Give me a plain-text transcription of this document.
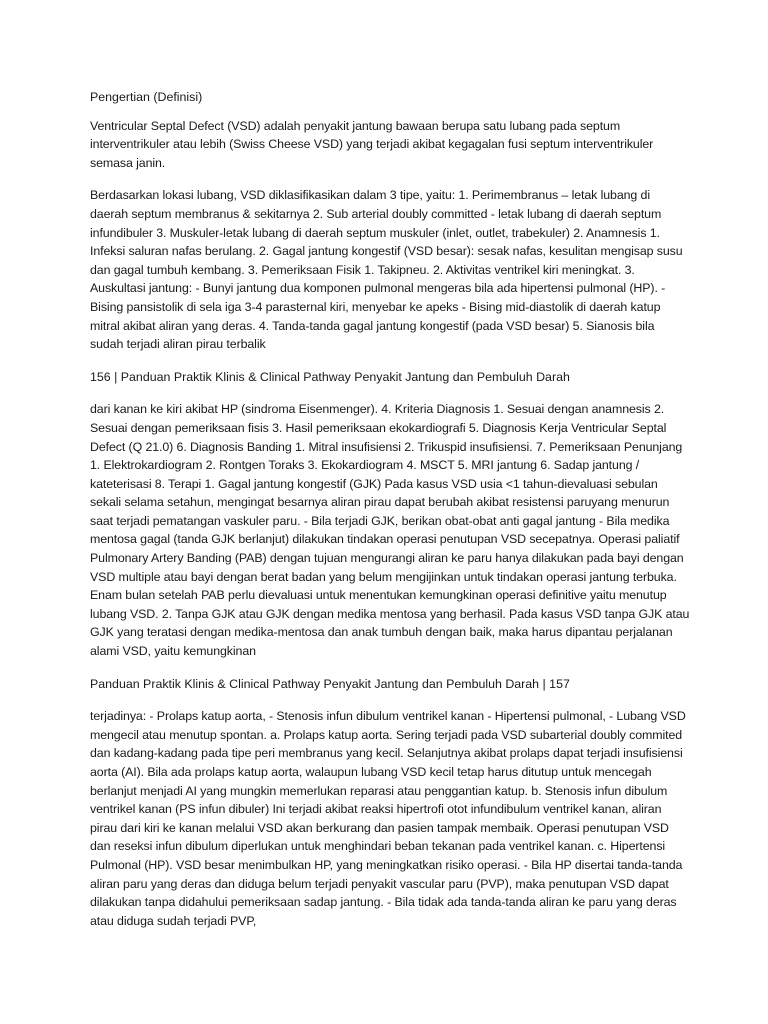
Pengertian (Definisi)

Ventricular Septal Defect (VSD) adalah penyakit jantung bawaan berupa satu lubang pada septum interventrikuler atau lebih (Swiss Cheese VSD) yang terjadi akibat kegagalan fusi septum interventrikuler semasa janin.

Berdasarkan lokasi lubang, VSD diklasifikasikan dalam 3 tipe, yaitu: 1. Perimembranus – letak lubang di daerah septum membranus & sekitarnya 2. Sub arterial doubly committed - letak lubang di daerah septum infundibuler 3. Muskuler-letak lubang di daerah septum muskuler (inlet, outlet, trabekuler) 2. Anamnesis 1. Infeksi saluran nafas berulang. 2. Gagal jantung kongestif (VSD besar): sesak nafas, kesulitan mengisap susu dan gagal tumbuh kembang. 3. Pemeriksaan Fisik 1. Takipneu. 2. Aktivitas ventrikel kiri meningkat. 3. Auskultasi jantung: - Bunyi jantung dua komponen pulmonal mengeras bila ada hipertensi pulmonal (HP). - Bising pansistolik di sela iga 3-4 parasternal kiri, menyebar ke apeks - Bising mid-diastolik di daerah katup mitral akibat aliran yang deras. 4. Tanda-tanda gagal jantung kongestif (pada VSD besar) 5. Sianosis bila sudah terjadi aliran pirau terbalik

156 | Panduan Praktik Klinis & Clinical Pathway Penyakit Jantung dan Pembuluh Darah

dari kanan ke kiri akibat HP (sindroma Eisenmenger). 4. Kriteria Diagnosis 1. Sesuai dengan anamnesis 2. Sesuai dengan pemeriksaan fisis 3. Hasil pemeriksaan ekokardiografi 5. Diagnosis Kerja Ventricular Septal Defect (Q 21.0) 6. Diagnosis Banding 1. Mitral insufisiensi 2. Trikuspid insufisiensi. 7. Pemeriksaan Penunjang 1. Elektrokardiogram 2. Rontgen Toraks 3. Ekokardiogram 4. MSCT 5. MRI jantung 6. Sadap jantung / kateterisasi 8. Terapi 1. Gagal jantung kongestif (GJK) Pada kasus VSD usia <1 tahun-dievaluasi sebulan sekali selama setahun, mengingat besarnya aliran pirau dapat berubah akibat resistensi paruyang menurun saat terjadi pematangan vaskuler paru. - Bila terjadi GJK, berikan obat-obat anti gagal jantung - Bila medika mentosa gagal (tanda GJK berlanjut) dilakukan tindakan operasi penutupan VSD secepatnya. Operasi paliatif Pulmonary Artery Banding (PAB) dengan tujuan mengurangi aliran ke paru hanya dilakukan pada bayi dengan VSD multiple atau bayi dengan berat badan yang belum mengijinkan untuk tindakan operasi jantung terbuka. Enam bulan setelah PAB perlu dievaluasi untuk menentukan kemungkinan operasi definitive yaitu menutup lubang VSD. 2. Tanpa GJK atau GJK dengan medika mentosa yang berhasil. Pada kasus VSD tanpa GJK atau GJK yang teratasi dengan medika-mentosa dan anak tumbuh dengan baik, maka harus dipantau perjalanan alami VSD, yaitu kemungkinan

Panduan Praktik Klinis & Clinical Pathway Penyakit Jantung dan Pembuluh Darah | 157

terjadinya: - Prolaps katup aorta, - Stenosis infun dibulum ventrikel kanan - Hipertensi pulmonal, - Lubang VSD mengecil atau menutup spontan. a. Prolaps katup aorta. Sering terjadi pada VSD subarterial doubly commited dan kadang-kadang pada tipe peri membranus yang kecil. Selanjutnya akibat prolaps dapat terjadi insufisiensi aorta (AI). Bila ada prolaps katup aorta, walaupun lubang VSD kecil tetap harus ditutup untuk mencegah berlanjut menjadi AI yang mungkin memerlukan reparasi atau penggantian katup. b. Stenosis infun dibulum ventrikel kanan (PS infun dibuler) Ini terjadi akibat reaksi hipertrofi otot infundibulum ventrikel kanan, aliran pirau dari kiri ke kanan melalui VSD akan berkurang dan pasien tampak membaik. Operasi penutupan VSD dan reseksi infun dibulum diperlukan untuk menghindari beban tekanan pada ventrikel kanan. c. Hipertensi Pulmonal (HP). VSD besar menimbulkan HP, yang meningkatkan risiko operasi. - Bila HP disertai tanda-tanda aliran paru yang deras dan diduga belum terjadi penyakit vascular paru (PVP), maka penutupan VSD dapat dilakukan tanpa didahului pemeriksaan sadap jantung. - Bila tidak ada tanda-tanda aliran ke paru yang deras atau diduga sudah terjadi PVP,
